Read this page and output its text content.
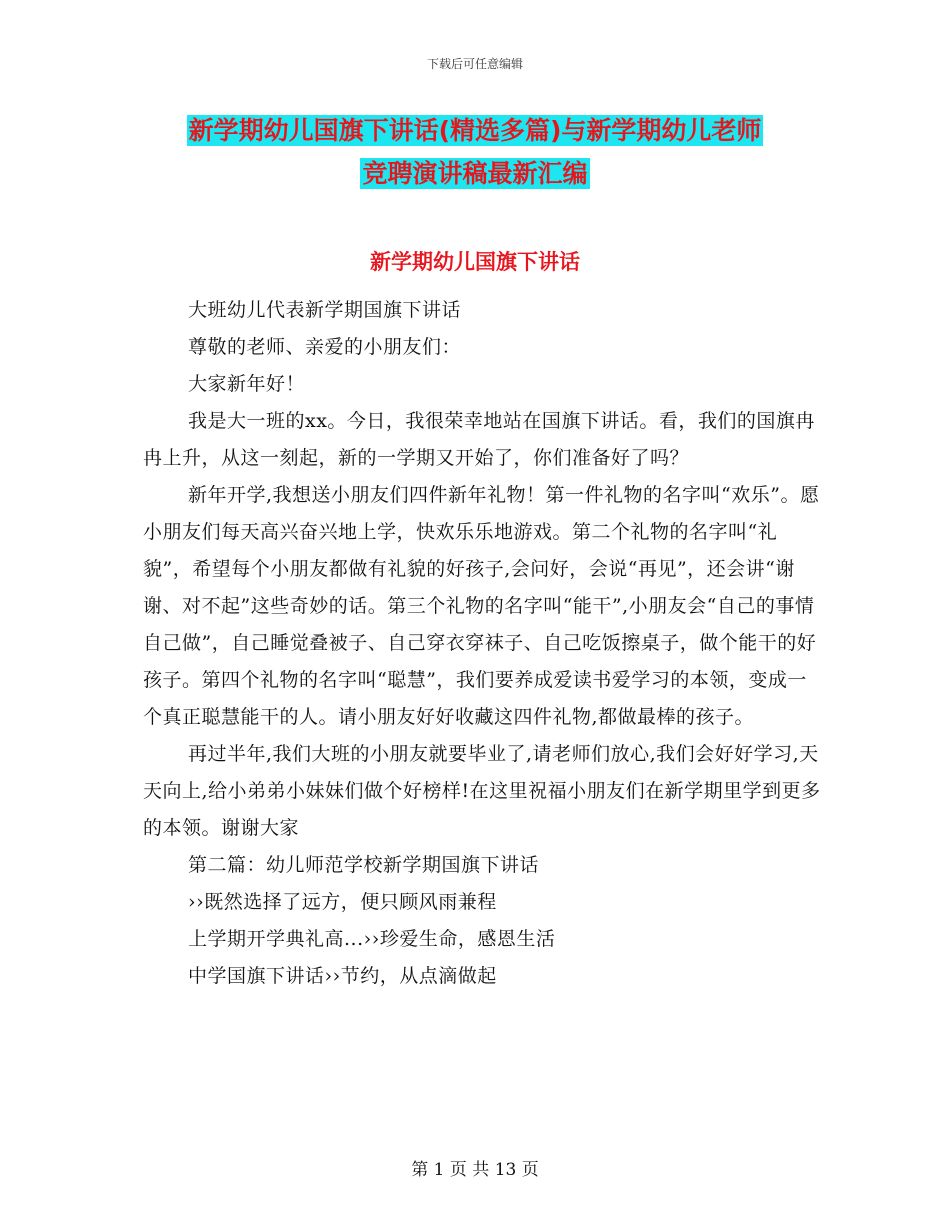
下载后可任意编辑
新学期幼儿国旗下讲话(精选多篇)与新学期幼儿老师
竞聘演讲稿最新汇编
新学期幼儿国旗下讲话

大班幼儿代表新学期国旗下讲话

尊敬的老师、亲爱的小朋友们：

大家新年好！

我是大一班的xx。今日，我很荣幸地站在国旗下讲话。看，我们的国旗冉冉上升，从这一刻起，新的一学期又开始了，你们准备好了吗？

新年开学,我想送小朋友们四件新年礼物！第一件礼物的名字叫“欢乐”。愿小朋友们每天高兴奋兴地上学，快欢乐乐地游戏。第二个礼物的名字叫“礼貌”，希望每个小朋友都做有礼貌的好孩子,会问好，会说“再见”，还会讲“谢谢、对不起”这些奇妙的话。第三个礼物的名字叫“能干”,小朋友会“自己的事情自己做”，自己睡觉叠被子、自己穿衣穿袜子、自己吃饭擦桌子，做个能干的好孩子。第四个礼物的名字叫“聪慧”，我们要养成爱读书爱学习的本领，变成一个真正聪慧能干的人。请小朋友好好收藏这四件礼物,都做最棒的孩子。

再过半年,我们大班的小朋友就要毕业了,请老师们放心,我们会好好学习,天天向上,给小弟弟小妹妹们做个好榜样!在这里祝福小朋友们在新学期里学到更多的本领。谢谢大家

第二篇：幼儿师范学校新学期国旗下讲话

››既然选择了远方，便只顾风雨兼程

上学期开学典礼高...››珍爱生命，感恩生活

中学国旗下讲话››节约，从点滴做起

第 1 页 共 13 页
